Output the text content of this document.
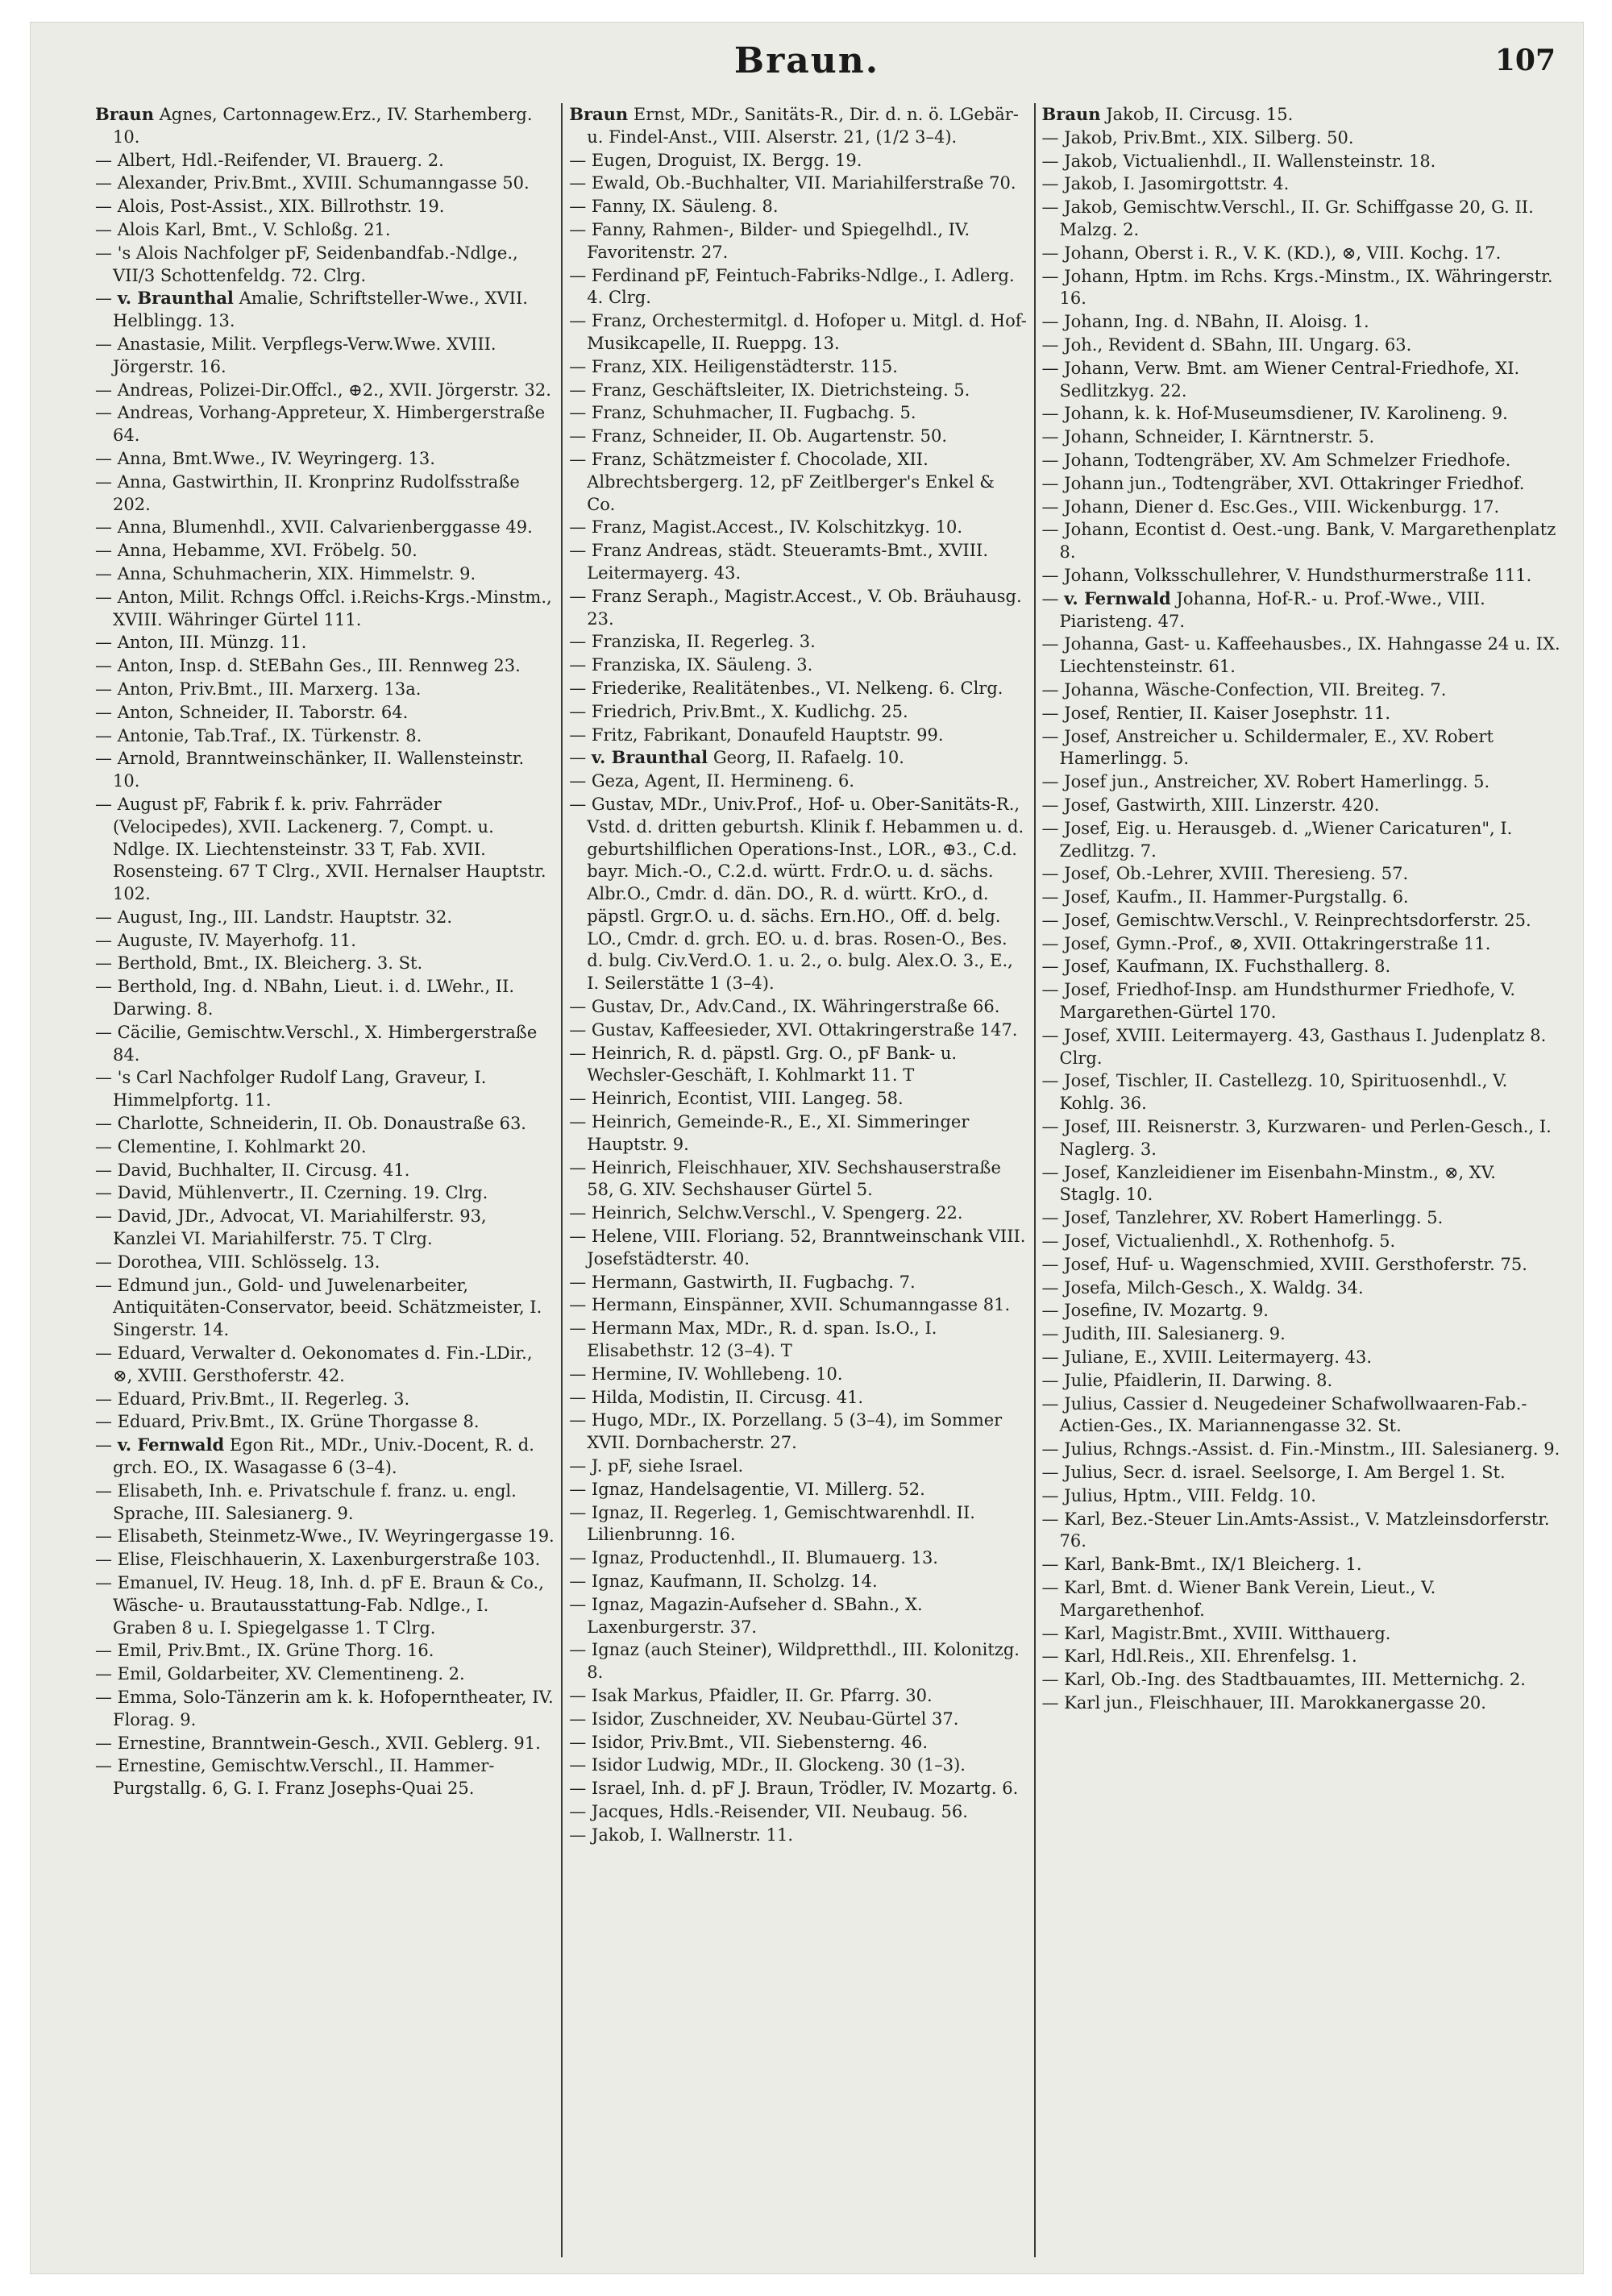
Braun.	107

Braun Agnes, Cartonnagew.Erz., IV. Starhemberg. 10.

— Albert, Hdl.-Reifender, VI. Brauerg. 2.

— Alexander, Priv.Bmt., XVIII. Schumanngasse 50.

— Alois, Post-Assist., XIX. Billrothstr. 19.

— Alois Karl, Bmt., V. Schloßg. 21.

— 's Alois Nachfolger pF, Seidenbandfab.-Ndlge., VII/3 Schottenfeldg. 72. Clrg.

— v. Braunthal Amalie, Schriftsteller-Wwe., XVII. Helblingg. 13.

— Anastasie, Milit. Verpflegs-Verw.Wwe. XVIII. Jörgerstr. 16.

— Andreas, Polizei-Dir.Offcl., ⊕2., XVII. Jörgerstr. 32.

— Andreas, Vorhang-Appreteur, X. Himbergerstraße 64.

— Anna, Bmt.Wwe., IV. Weyringerg. 13.

— Anna, Gastwirthin, II. Kronprinz Rudolfsstraße 202.

— Anna, Blumenhdl., XVII. Calvarienberggasse 49.

— Anna, Hebamme, XVI. Fröbelg. 50.

— Anna, Schuhmacherin, XIX. Himmelstr. 9.

— Anton, Milit. Rchngs Offcl. i.Reichs-Krgs.-Minstm., XVIII. Währinger Gürtel 111.

— Anton, III. Münzg. 11.

— Anton, Insp. d. StEBahn Ges., III. Rennweg 23.

— Anton, Priv.Bmt., III. Marxerg. 13a.

— Anton, Schneider, II. Taborstr. 64.

— Antonie, Tab.Traf., IX. Türkenstr. 8.

— Arnold, Branntweinschänker, II. Wallensteinstr. 10.

— August pF, Fabrik f. k. priv. Fahrräder (Velocipedes), XVII. Lackenerg. 7, Compt. u. Ndlge. IX. Liechtensteinstr. 33 T, Fab. XVII. Rosensteing. 67 T Clrg., XVII. Hernalser Hauptstr. 102.

— August, Ing., III. Landstr. Hauptstr. 32.

— Auguste, IV. Mayerhofg. 11.

— Berthold, Bmt., IX. Bleicherg. 3. St.

— Berthold, Ing. d. NBahn, Lieut. i. d. LWehr., II. Darwing. 8.

— Cäcilie, Gemischtw.Verschl., X. Himbergerstraße 84.

— 's Carl Nachfolger Rudolf Lang, Graveur, I. Himmelpfortg. 11.

— Charlotte, Schneiderin, II. Ob. Donaustraße 63.

— Clementine, I. Kohlmarkt 20.

— David, Buchhalter, II. Circusg. 41.

— David, Mühlenvertr., II. Czerning. 19. Clrg.

— David, JDr., Advocat, VI. Mariahilferstr. 93, Kanzlei VI. Mariahilferstr. 75. T Clrg.

— Dorothea, VIII. Schlösselg. 13.

— Edmund jun., Gold- und Juwelenarbeiter, Antiquitäten-Conservator, beeid. Schätzmeister, I. Singerstr. 14.

— Eduard, Verwalter d. Oekonomates d. Fin.-LDir., ⊗, XVIII. Gersthoferstr. 42.

— Eduard, Priv.Bmt., II. Regerleg. 3.

— Eduard, Priv.Bmt., IX. Grüne Thorgasse 8.

— v. Fernwald Egon Rit., MDr., Univ.-Docent, R. d. grch. EO., IX. Wasagasse 6 (3–4).

— Elisabeth, Inh. e. Privatschule f. franz. u. engl. Sprache, III. Salesianerg. 9.

— Elisabeth, Steinmetz-Wwe., IV. Weyringergasse 19.

— Elise, Fleischhauerin, X. Laxenburgerstraße 103.

— Emanuel, IV. Heug. 18, Inh. d. pF E. Braun & Co., Wäsche- u. Brautausstattung-Fab. Ndlge., I. Graben 8 u. I. Spiegelgasse 1. T Clrg.

— Emil, Priv.Bmt., IX. Grüne Thorg. 16.

— Emil, Goldarbeiter, XV. Clementineng. 2.

— Emma, Solo-Tänzerin am k. k. Hofoperntheater, IV. Florag. 9.

— Ernestine, Branntwein-Gesch., XVII. Geblerg. 91.

— Ernestine, Gemischtw.Verschl., II. Hammer-Purgstallg. 6, G. I. Franz Josephs-Quai 25.

Braun Ernst, MDr., Sanitäts-R., Dir. d. n. ö. LGebär- u. Findel-Anst., VIII. Alserstr. 21, (1/2 3–4).

— Eugen, Droguist, IX. Bergg. 19.

— Ewald, Ob.-Buchhalter, VII. Mariahilferstraße 70.

— Fanny, IX. Säuleng. 8.

— Fanny, Rahmen-, Bilder- und Spiegelhdl., IV. Favoritenstr. 27.

— Ferdinand pF, Feintuch-Fabriks-Ndlge., I. Adlerg. 4. Clrg.

— Franz, Orchestermitgl. d. Hofoper u. Mitgl. d. Hof-Musikcapelle, II. Rueppg. 13.

— Franz, XIX. Heiligenstädterstr. 115.

— Franz, Geschäftsleiter, IX. Dietrichsteing. 5.

— Franz, Schuhmacher, II. Fugbachg. 5.

— Franz, Schneider, II. Ob. Augartenstr. 50.

— Franz, Schätzmeister f. Chocolade, XII. Albrechtsbergerg. 12, pF Zeitlberger's Enkel & Co.

— Franz, Magist.Accest., IV. Kolschitzkyg. 10.

— Franz Andreas, städt. Steueramts-Bmt., XVIII. Leitermayerg. 43.

— Franz Seraph., Magistr.Accest., V. Ob. Bräuhausg. 23.

— Franziska, II. Regerleg. 3.

— Franziska, IX. Säuleng. 3.

— Friederike, Realitätenbes., VI. Nelkeng. 6. Clrg.

— Friedrich, Priv.Bmt., X. Kudlichg. 25.

— Fritz, Fabrikant, Donaufeld Hauptstr. 99.

— v. Braunthal Georg, II. Rafaelg. 10.

— Geza, Agent, II. Hermineng. 6.

— Gustav, MDr., Univ.Prof., Hof- u. Ober-Sanitäts-R., Vstd. d. dritten geburtsh. Klinik f. Hebammen u. d. geburtshilflichen Operations-Inst., LOR., ⊕3., C.d. bayr. Mich.-O., C.2.d. württ. Frdr.O. u. d. sächs. Albr.O., Cmdr. d. dän. DO., R. d. württ. KrO., d. päpstl. Grgr.O. u. d. sächs. Ern.HO., Off. d. belg. LO., Cmdr. d. grch. EO. u. d. bras. Rosen-O., Bes. d. bulg. Civ.Verd.O. 1. u. 2., o. bulg. Alex.O. 3., E., I. Seilerstätte 1 (3–4).

— Gustav, Dr., Adv.Cand., IX. Währingerstraße 66.

— Gustav, Kaffeesieder, XVI. Ottakringerstraße 147.

— Heinrich, R. d. päpstl. Grg. O., pF Bank- u. Wechsler-Geschäft, I. Kohlmarkt 11. T

— Heinrich, Econtist, VIII. Langeg. 58.

— Heinrich, Gemeinde-R., E., XI. Simmeringer Hauptstr. 9.

— Heinrich, Fleischhauer, XIV. Sechshauserstraße 58, G. XIV. Sechshauser Gürtel 5.

— Heinrich, Selchw.Verschl., V. Spengerg. 22.

— Helene, VIII. Floriang. 52, Branntweinschank VIII. Josefstädterstr. 40.

— Hermann, Gastwirth, II. Fugbachg. 7.

— Hermann, Einspänner, XVII. Schumanngasse 81.

— Hermann Max, MDr., R. d. span. Is.O., I. Elisabethstr. 12 (3–4). T

— Hermine, IV. Wohllebeng. 10.

— Hilda, Modistin, II. Circusg. 41.

— Hugo, MDr., IX. Porzellang. 5 (3–4), im Sommer XVII. Dornbacherstr. 27.

— J. pF, siehe Israel.

— Ignaz, Handelsagentie, VI. Millerg. 52.

— Ignaz, II. Regerleg. 1, Gemischtwarenhdl. II. Lilienbrunng. 16.

— Ignaz, Productenhdl., II. Blumauerg. 13.

— Ignaz, Kaufmann, II. Scholzg. 14.

— Ignaz, Magazin-Aufseher d. SBahn., X. Laxenburgerstr. 37.

— Ignaz (auch Steiner), Wildpretthdl., III. Kolonitzg. 8.

— Isak Markus, Pfaidler, II. Gr. Pfarrg. 30.

— Isidor, Zuschneider, XV. Neubau-Gürtel 37.

— Isidor, Priv.Bmt., VII. Siebensterng. 46.

— Isidor Ludwig, MDr., II. Glockeng. 30 (1–3).

— Israel, Inh. d. pF J. Braun, Trödler, IV. Mozartg. 6.

— Jacques, Hdls.-Reisender, VII. Neubaug. 56.

— Jakob, I. Wallnerstr. 11.

Braun Jakob, II. Circusg. 15.

— Jakob, Priv.Bmt., XIX. Silberg. 50.

— Jakob, Victualienhdl., II. Wallensteinstr. 18.

— Jakob, I. Jasomirgottstr. 4.

— Jakob, Gemischtw.Verschl., II. Gr. Schiffgasse 20, G. II. Malzg. 2.

— Johann, Oberst i. R., V. K. (KD.), ⊗, VIII. Kochg. 17.

— Johann, Hptm. im Rchs. Krgs.-Minstm., IX. Währingerstr. 16.

— Johann, Ing. d. NBahn, II. Aloisg. 1.

— Joh., Revident d. SBahn, III. Ungarg. 63.

— Johann, Verw. Bmt. am Wiener Central-Friedhofe, XI. Sedlitzkyg. 22.

— Johann, k. k. Hof-Museumsdiener, IV. Karolineng. 9.

— Johann, Schneider, I. Kärntnerstr. 5.

— Johann, Todtengräber, XV. Am Schmelzer Friedhofe.

— Johann jun., Todtengräber, XVI. Ottakringer Friedhof.

— Johann, Diener d. Esc.Ges., VIII. Wickenburgg. 17.

— Johann, Econtist d. Oest.-ung. Bank, V. Margarethenplatz 8.

— Johann, Volksschullehrer, V. Hundsthurmerstraße 111.

— v. Fernwald Johanna, Hof-R.- u. Prof.-Wwe., VIII. Piaristeng. 47.

— Johanna, Gast- u. Kaffeehausbes., IX. Hahngasse 24 u. IX. Liechtensteinstr. 61.

— Johanna, Wäsche-Confection, VII. Breiteg. 7.

— Josef, Rentier, II. Kaiser Josephstr. 11.

— Josef, Anstreicher u. Schildermaler, E., XV. Robert Hamerlingg. 5.

— Josef jun., Anstreicher, XV. Robert Hamerlingg. 5.

— Josef, Gastwirth, XIII. Linzerstr. 420.

— Josef, Eig. u. Herausgeb. d. „Wiener Caricaturen", I. Zedlitzg. 7.

— Josef, Ob.-Lehrer, XVIII. Theresieng. 57.

— Josef, Kaufm., II. Hammer-Purgstallg. 6.

— Josef, Gemischtw.Verschl., V. Reinprechtsdorferstr. 25.

— Josef, Gymn.-Prof., ⊗, XVII. Ottakringerstraße 11.

— Josef, Kaufmann, IX. Fuchsthallerg. 8.

— Josef, Friedhof-Insp. am Hundsthurmer Friedhofe, V. Margarethen-Gürtel 170.

— Josef, XVIII. Leitermayerg. 43, Gasthaus I. Judenplatz 8. Clrg.

— Josef, Tischler, II. Castellezg. 10, Spirituosenhdl., V. Kohlg. 36.

— Josef, III. Reisnerstr. 3, Kurzwaren- und Perlen-Gesch., I. Naglerg. 3.

— Josef, Kanzleidiener im Eisenbahn-Minstm., ⊗, XV. Staglg. 10.

— Josef, Tanzlehrer, XV. Robert Hamerlingg. 5.

— Josef, Victualienhdl., X. Rothenhofg. 5.

— Josef, Huf- u. Wagenschmied, XVIII. Gersthoferstr. 75.

— Josefa, Milch-Gesch., X. Waldg. 34.

— Josefine, IV. Mozartg. 9.

— Judith, III. Salesianerg. 9.

— Juliane, E., XVIII. Leitermayerg. 43.

— Julie, Pfaidlerin, II. Darwing. 8.

— Julius, Cassier d. Neugedeiner Schafwollwaaren-Fab.-Actien-Ges., IX. Mariannengasse 32. St.

— Julius, Rchngs.-Assist. d. Fin.-Minstm., III. Salesianerg. 9.

— Julius, Secr. d. israel. Seelsorge, I. Am Bergel 1. St.

— Julius, Hptm., VIII. Feldg. 10.

— Karl, Bez.-Steuer Lin.Amts-Assist., V. Matzleinsdorferstr. 76.

— Karl, Bank-Bmt., IX/1 Bleicherg. 1.

— Karl, Bmt. d. Wiener Bank Verein, Lieut., V. Margarethenhof.

— Karl, Magistr.Bmt., XVIII. Witthauerg.

— Karl, Hdl.Reis., XII. Ehrenfelsg. 1.

— Karl, Ob.-Ing. des Stadtbauamtes, III. Metternichg. 2.

— Karl jun., Fleischhauer, III. Marokkanergasse 20.
